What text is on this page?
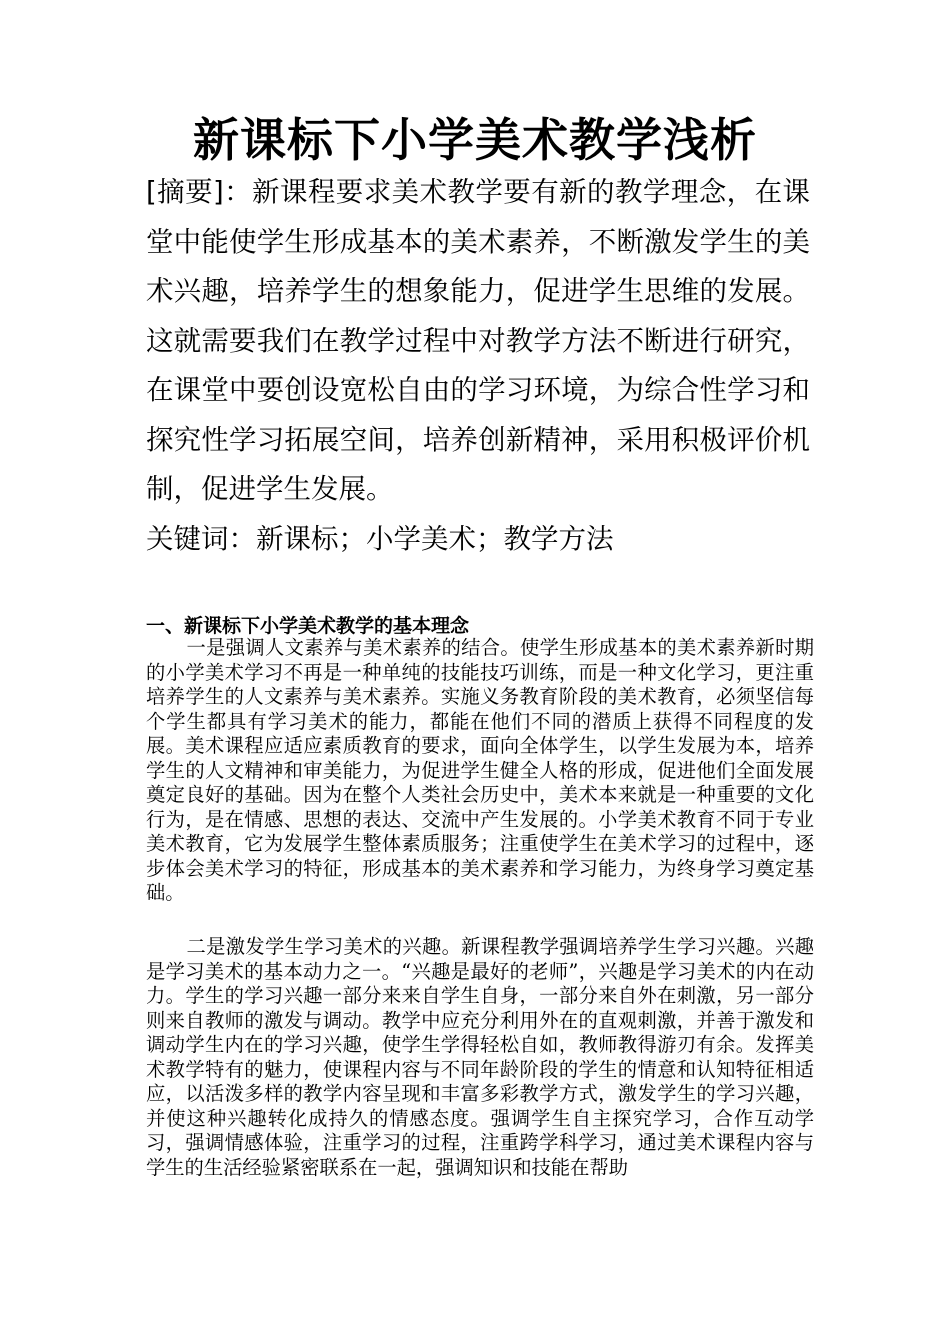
新课标下小学美术教学浅析

[摘要]：新课程要求美术教学要有新的教学理念，在课堂中能使学生形成基本的美术素养，不断激发学生的美术兴趣，培养学生的想象能力，促进学生思维的发展。这就需要我们在教学过程中对教学方法不断进行研究，在课堂中要创设宽松自由的学习环境，为综合性学习和探究性学习拓展空间，培养创新精神，采用积极评价机制，促进学生发展。

关键词：新课标；小学美术；教学方法

一、新课标下小学美术教学的基本理念

一是强调人文素养与美术素养的结合。使学生形成基本的美术素养新时期的小学美术学习不再是一种单纯的技能技巧训练，而是一种文化学习，更注重培养学生的人文素养与美术素养。实施义务教育阶段的美术教育，必须坚信每个学生都具有学习美术的能力，都能在他们不同的潜质上获得不同程度的发展。美术课程应适应素质教育的要求，面向全体学生，以学生发展为本，培养学生的人文精神和审美能力，为促进学生健全人格的形成，促进他们全面发展奠定良好的基础。因为在整个人类社会历史中，美术本来就是一种重要的文化行为，是在情感、思想的表达、交流中产生发展的。小学美术教育不同于专业美术教育，它为发展学生整体素质服务；注重使学生在美术学习的过程中，逐步体会美术学习的特征，形成基本的美术素养和学习能力，为终身学习奠定基础。

二是激发学生学习美术的兴趣。新课程教学强调培养学生学习兴趣。兴趣是学习美术的基本动力之一。“兴趣是最好的老师”，兴趣是学习美术的内在动力。学生的学习兴趣一部分来来自学生自身，一部分来自外在刺激，另一部分则来自教师的激发与调动。教学中应充分利用外在的直观刺激，并善于激发和调动学生内在的学习兴趣，使学生学得轻松自如，教师教得游刃有余。发挥美术教学特有的魅力，使课程内容与不同年龄阶段的学生的情意和认知特征相适应，以活泼多样的教学内容呈现和丰富多彩教学方式，激发学生的学习兴趣，并使这种兴趣转化成持久的情感态度。强调学生自主探究学习，合作互动学习，强调情感体验，注重学习的过程，注重跨学科学习，通过美术课程内容与学生的生活经验紧密联系在一起，强调知识和技能在帮助
